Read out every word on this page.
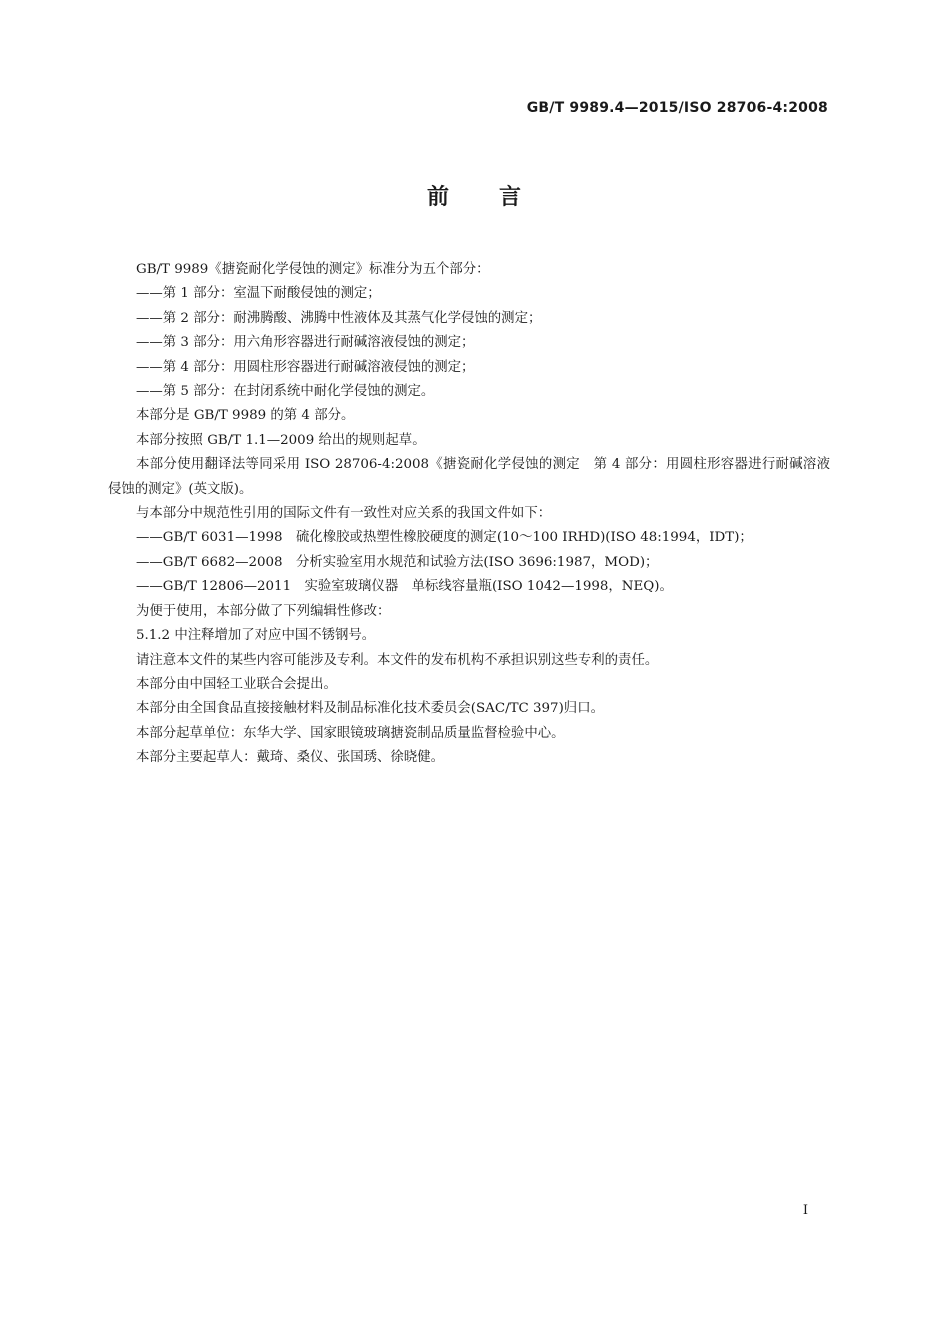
GB/T 9989.4—2015/ISO 28706-4:2008
前 言

GB/T 9989《搪瓷耐化学侵蚀的测定》标准分为五个部分：

——第 1 部分：室温下耐酸侵蚀的测定；

——第 2 部分：耐沸腾酸、沸腾中性液体及其蒸气化学侵蚀的测定；

——第 3 部分：用六角形容器进行耐碱溶液侵蚀的测定；

——第 4 部分：用圆柱形容器进行耐碱溶液侵蚀的测定；

——第 5 部分：在封闭系统中耐化学侵蚀的测定。

本部分是 GB/T 9989 的第 4 部分。

本部分按照 GB/T 1.1—2009 给出的规则起草。

本部分使用翻译法等同采用 ISO 28706-4:2008《搪瓷耐化学侵蚀的测定　第 4 部分：用圆柱形容器进行耐碱溶液侵蚀的测定》(英文版)。

与本部分中规范性引用的国际文件有一致性对应关系的我国文件如下：

——GB/T 6031—1998　硫化橡胶或热塑性橡胶硬度的测定(10～100 IRHD)(ISO 48:1994，IDT)；

——GB/T 6682—2008　分析实验室用水规范和试验方法(ISO 3696:1987，MOD)；

——GB/T 12806—2011　实验室玻璃仪器　单标线容量瓶(ISO 1042—1998，NEQ)。

为便于使用，本部分做了下列编辑性修改：

5.1.2 中注释增加了对应中国不锈钢号。

请注意本文件的某些内容可能涉及专利。本文件的发布机构不承担识别这些专利的责任。

本部分由中国轻工业联合会提出。

本部分由全国食品直接接触材料及制品标准化技术委员会(SAC/TC 397)归口。

本部分起草单位：东华大学、国家眼镜玻璃搪瓷制品质量监督检验中心。

本部分主要起草人：戴琦、桑仪、张国琇、徐晓健。

I
